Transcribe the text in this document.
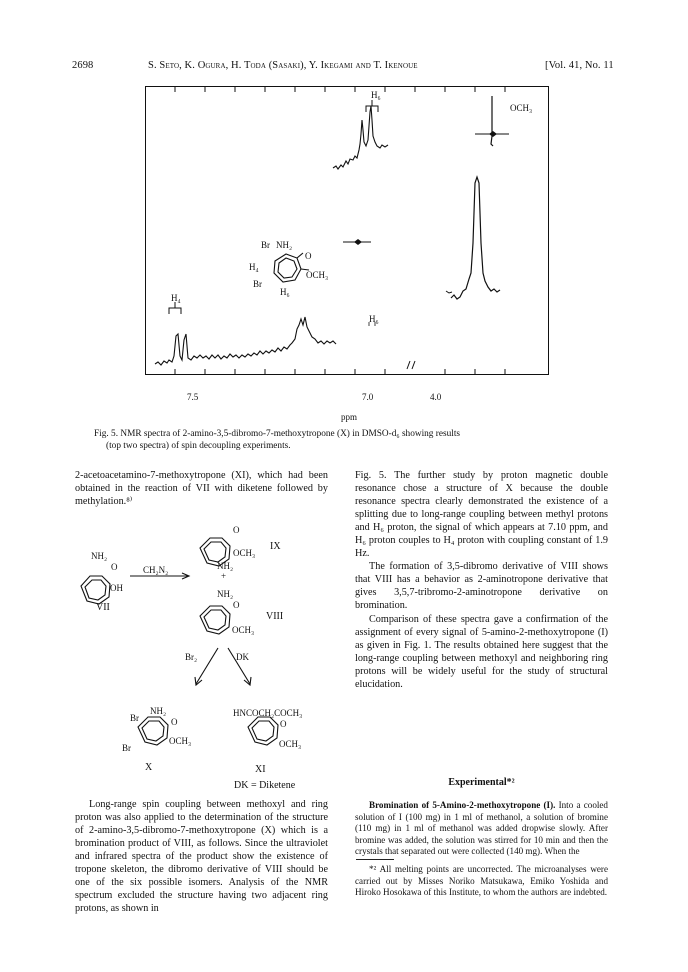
2698	S. Seto, K. Ogura, H. Toda (Sasaki), Y. Ikegami and T. Ikenoue	[Vol. 41, No. 11
H₆
OCH₃
H₄
H₆
Br NH₂
O
H₄
OCH₃
Br
H₆
7.5	7.0	4.0
ppm
Fig. 5. NMR spectra of 2-amino-3,5-dibromo-7-methoxytropone (X) in DMSO-d₆ showing results
(top two spectra) of spin decoupling experiments.

2-acetoacetamino-7-methoxytropone (XI), which had been obtained in the reaction of VII with diketene followed by methylation.⁸⁾

NH₂
O
OH
VII
CH₂N₂
O
OCH₃
IX
NH₂
+
NH₂
O
VIII
OCH₃
Br₂	DK
Br
NH₂
O
Br
OCH₃
X
HNCOCH₂COCH₃
O
OCH₃
XI
DK = Diketene

Long-range spin coupling between methoxyl and ring proton was also applied to the determination of the structure of 2-amino-3,5-dibromo-7-methoxytropone (X) which is a bromination product of VIII, as follows. Since the ultraviolet and infrared spectra of the product show the existence of tropone skeleton, the dibromo derivative of VIII should be one of the six possible isomers. Analysis of the NMR spectrum excluded the structure having two adjacent ring protons, as shown in

Fig. 5. The further study by proton magnetic double resonance chose a structure of X because the double resonance spectra clearly demonstrated the existence of a splitting due to long-range coupling between methyl protons and H₆ proton, the signal of which appears at 7.10 ppm, and H₆ proton couples to H₄ proton with coupling constant of 1.9 Hz.

The formation of 3,5-dibromo derivative of VIII shows that VIII has a behavior as 2-aminotropone derivative that gives 3,5,7-tribromo-2-aminotropone derivative on bromination.

Comparison of these spectra gave a confirmation of the assignment of every signal of 5-amino-2-methoxytropone (I) as given in Fig. 1. The results obtained here suggest that the long-range coupling between methoxyl and neighboring ring protons will be widely useful for the study of structural elucidation.

Experimental*²

Bromination of 5-Amino-2-methoxytropone (I). Into a cooled solution of I (100 mg) in 1 ml of methanol, a solution of bromine (110 mg) in 1 ml of methanol was added dropwise slowly. After bromine was added, the solution was stirred for 10 min and then the crystals that separated out were collected (140 mg). When the

*² All melting points are uncorrected. The microanalyses were carried out by Misses Noriko Matsukawa, Emiko Yoshida and Hiroko Hosokawa of this Institute, to whom the authors are indebted.
